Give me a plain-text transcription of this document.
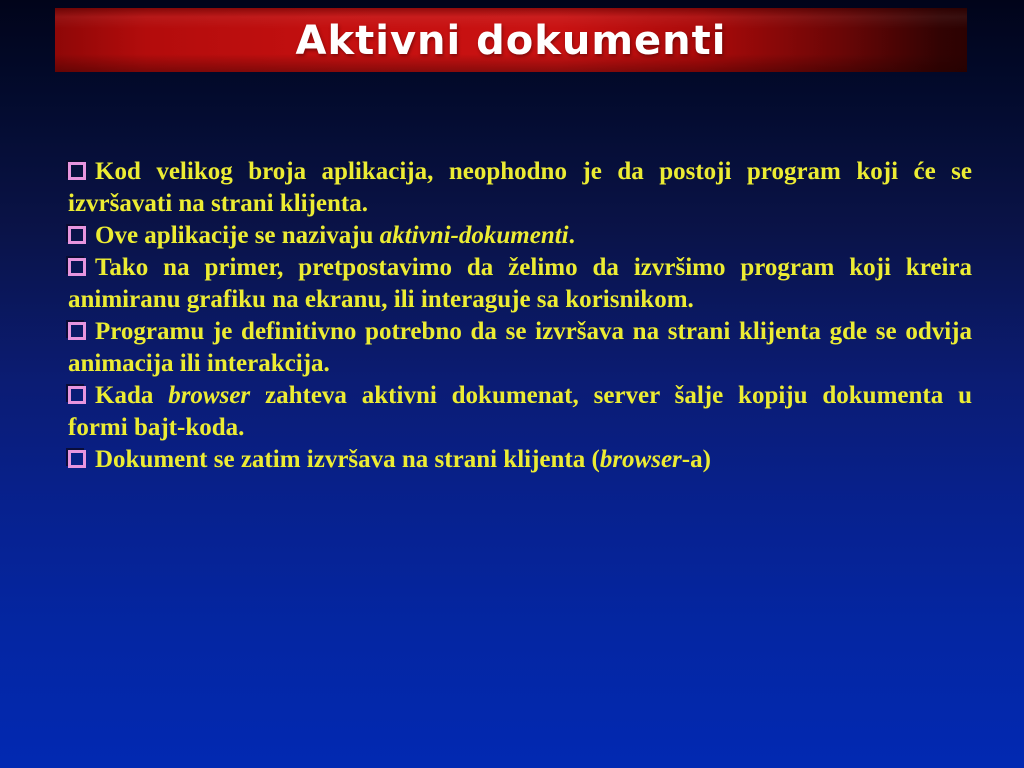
Aktivni dokumenti

Kod velikog broja aplikacija, neophodno je da postoji program koji će se

izvršavati na strani klijenta.

Ove aplikacije se nazivaju aktivni-dokumenti.

Tako na primer, pretpostavimo da želimo da izvršimo program koji kreira

animiranu grafiku na ekranu, ili interaguje sa korisnikom.

Programu je definitivno potrebno da se izvršava na strani klijenta gde se odvija

animacija ili interakcija.

Kada browser zahteva aktivni dokumenat, server šalje kopiju dokumenta u

formi bajt-koda.

Dokument se zatim izvršava na strani klijenta (browser-a)
